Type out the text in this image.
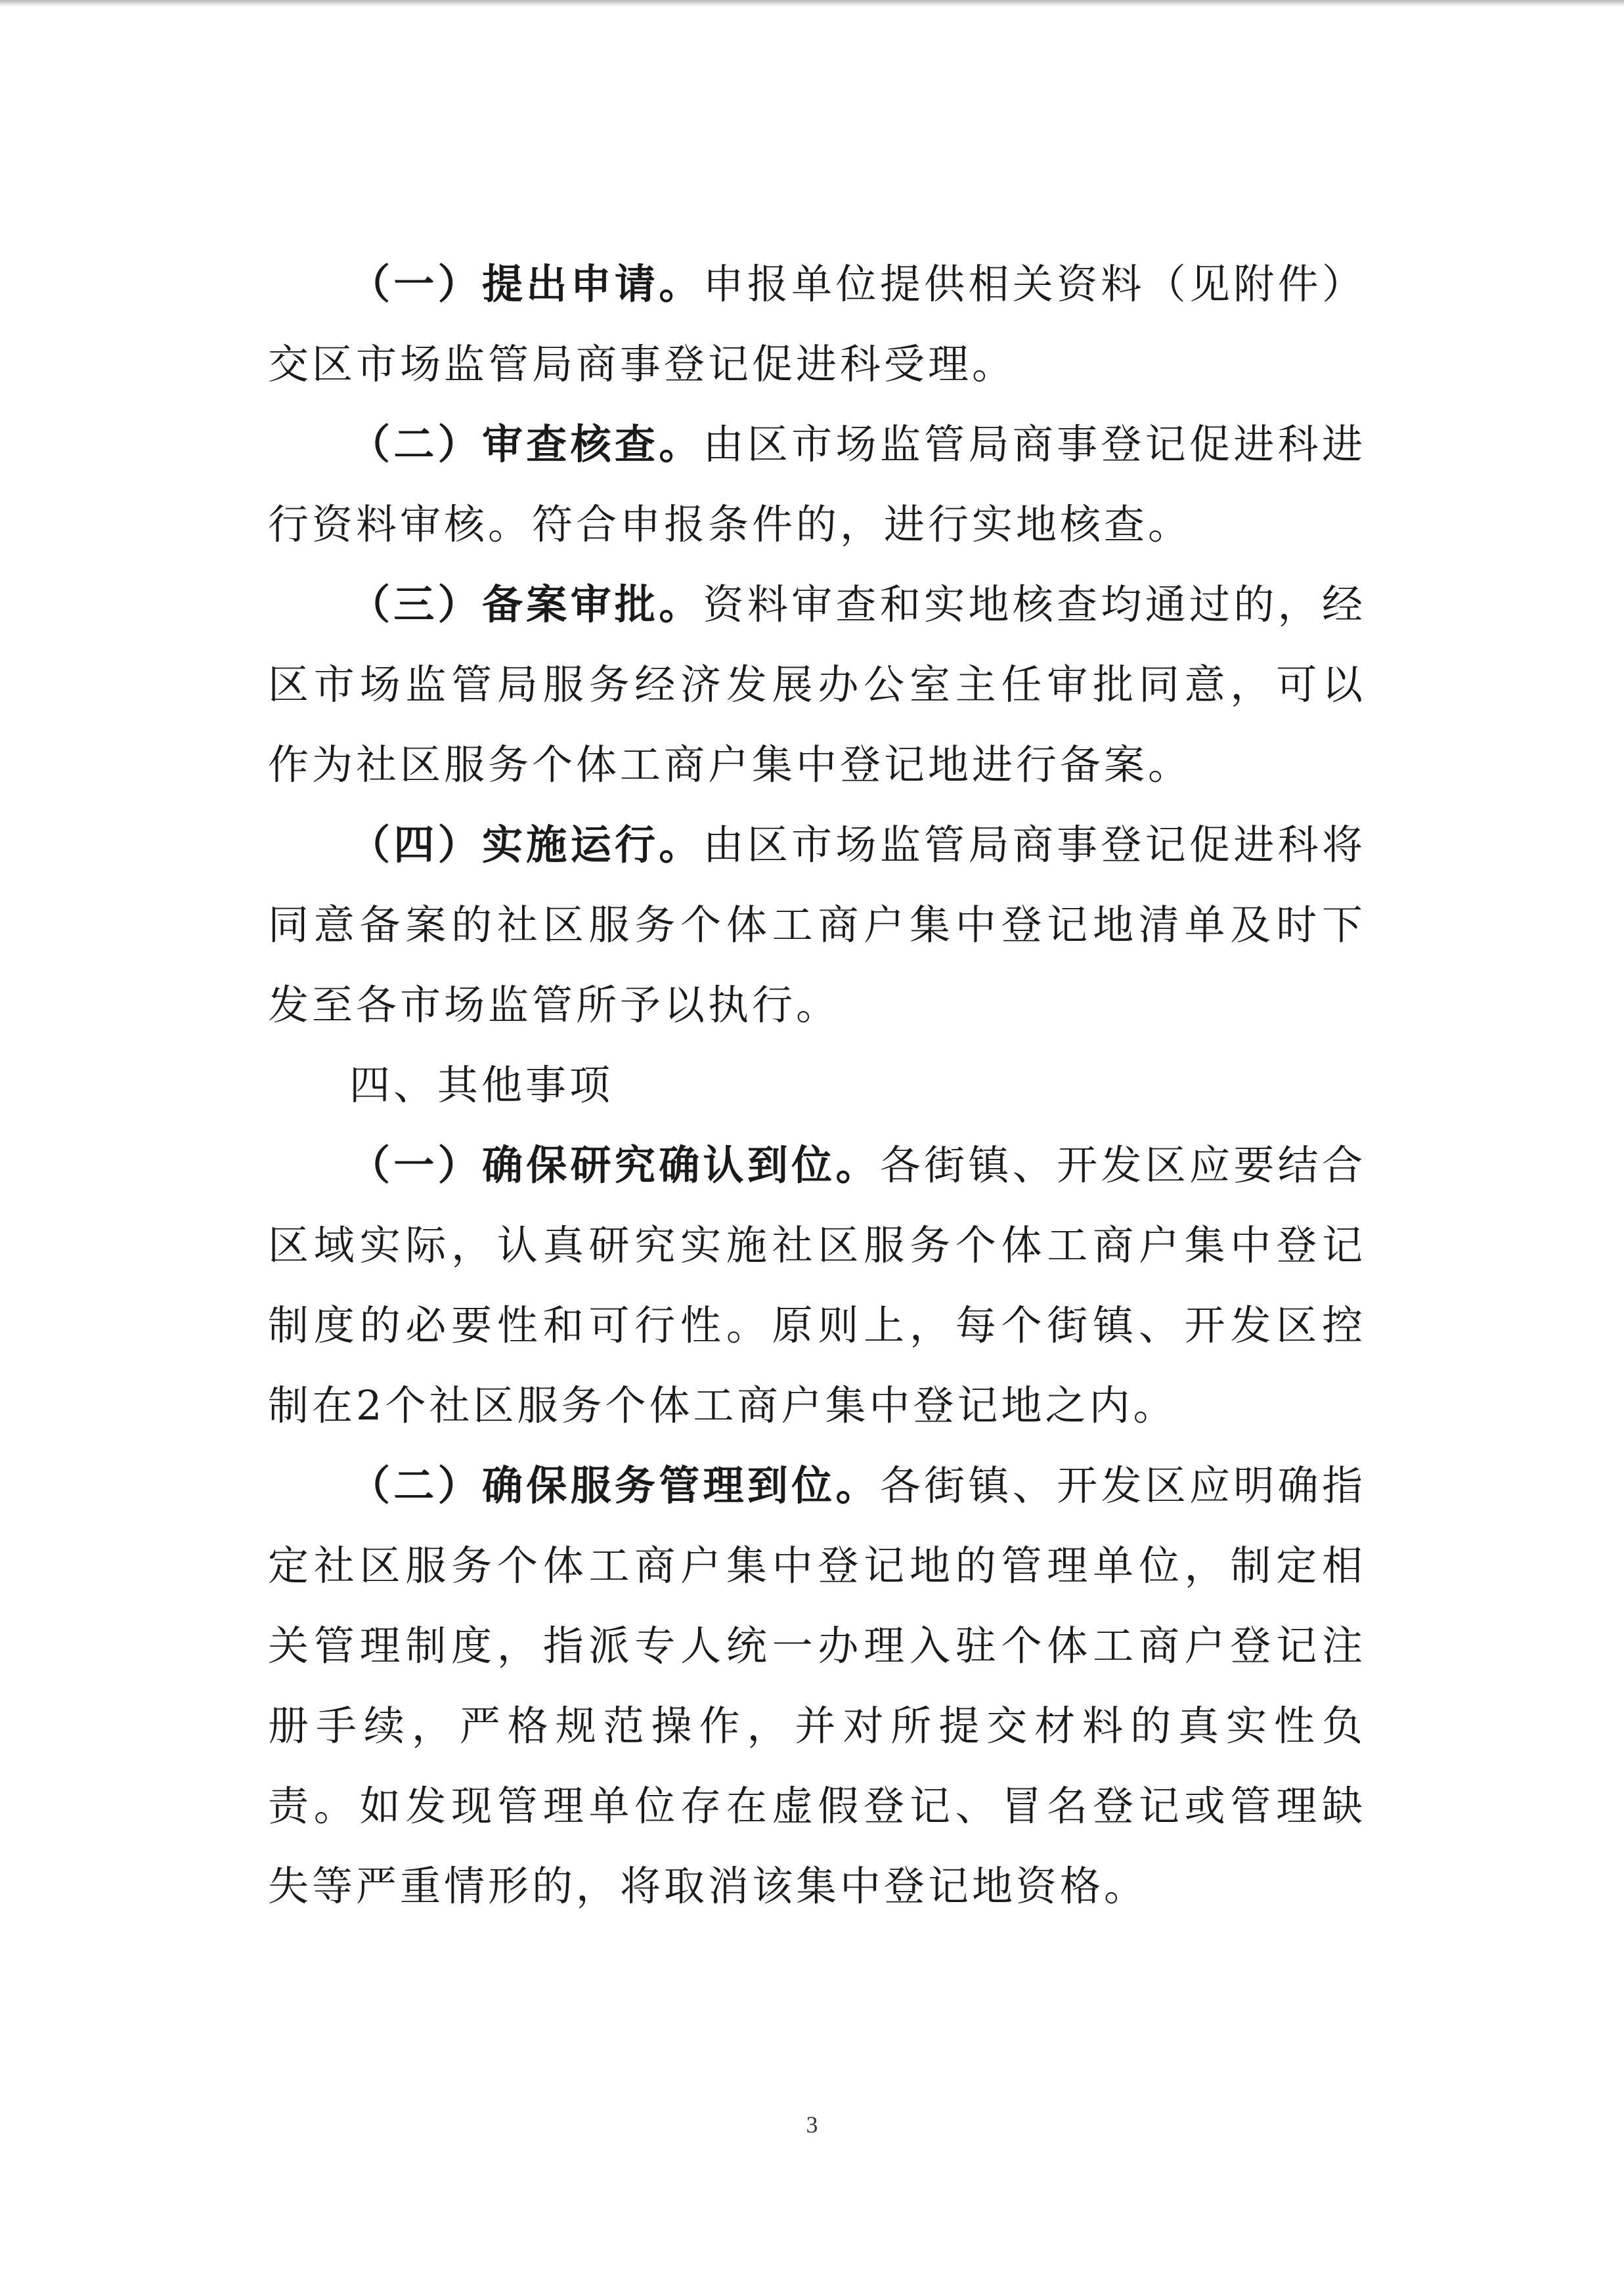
（一）提出申请。申报单位提供相关资料（见附件）交区市场监管局商事登记促进科受理。

（二）审查核查。由区市场监管局商事登记促进科进行资料审核。符合申报条件的，进行实地核查。

（三）备案审批。资料审查和实地核查均通过的，经区市场监管局服务经济发展办公室主任审批同意，可以作为社区服务个体工商户集中登记地进行备案。

（四）实施运行。由区市场监管局商事登记促进科将同意备案的社区服务个体工商户集中登记地清单及时下发至各市场监管所予以执行。

四、其他事项

（一）确保研究确认到位。各街镇、开发区应要结合区域实际，认真研究实施社区服务个体工商户集中登记制度的必要性和可行性。原则上，每个街镇、开发区控制在2个社区服务个体工商户集中登记地之内。

（二）确保服务管理到位。各街镇、开发区应明确指定社区服务个体工商户集中登记地的管理单位，制定相关管理制度，指派专人统一办理入驻个体工商户登记注册手续，严格规范操作，并对所提交材料的真实性负责。如发现管理单位存在虚假登记、冒名登记或管理缺失等严重情形的，将取消该集中登记地资格。

3
